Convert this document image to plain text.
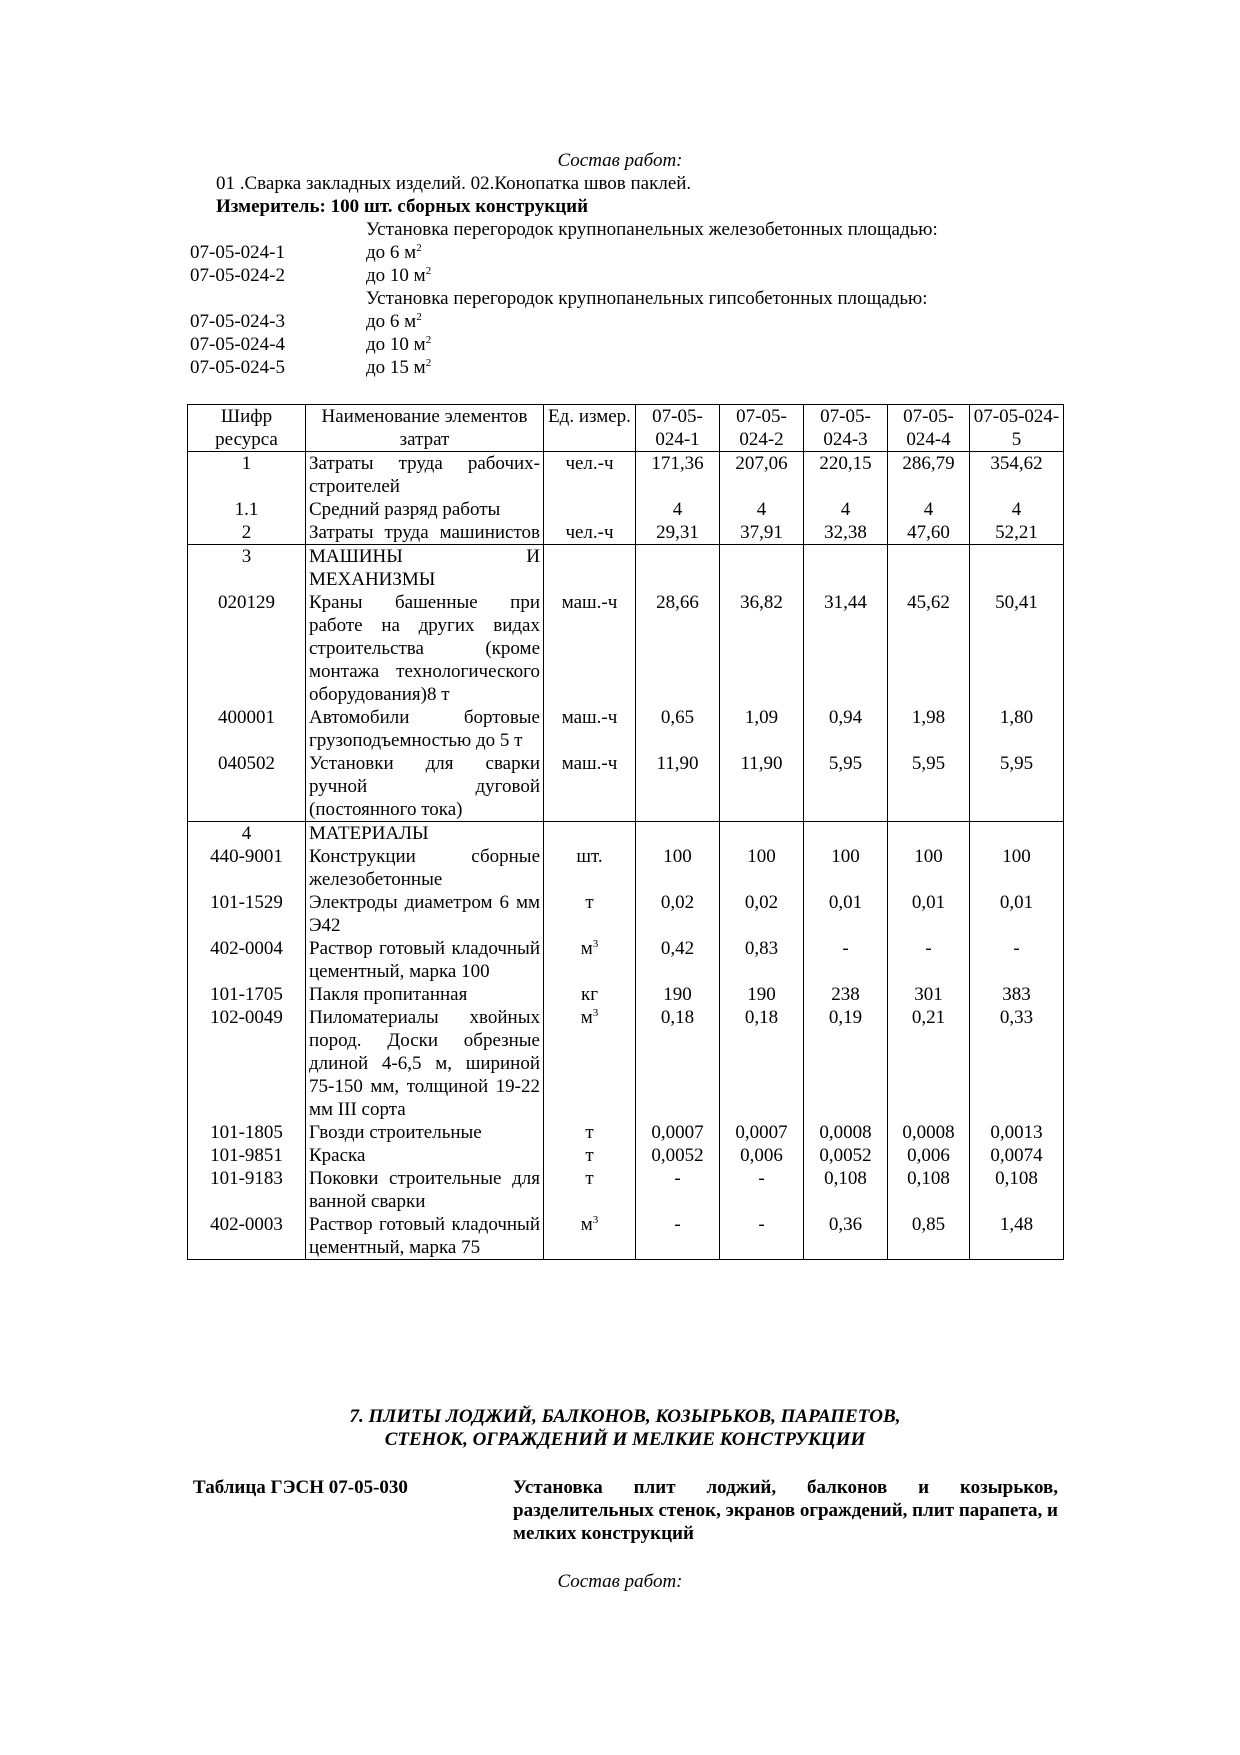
Состав работ:
01 .Сварка закладных изделий. 02.Конопатка швов паклей.
Измеритель: 100 шт. сборных конструкций
Установка перегородок крупнопанельных железобетонных площадью:
07-05-024-1	до 6 $м^2$
07-05-024-2	до 10 $м^2$
Установка перегородок крупнопанельных гипсобетонных площадью:
07-05-024-3	до 6 $м^2$
07-05-024-4	до 10 $м^2$
07-05-024-5	до 15 $м^2$
Шифр ресурса	Наименование элементов затрат	Ед. измер.	07-05-024-1	07-05-024-2	07-05-024-3	07-05-024-4	07-05-024-5
1	Затраты труда рабочих-строителей	чел.-ч	171,36	207,06	220,15	286,79	354,62
1.1	Средний разряд работы		4	4	4	4	4
2	Затраты труда машинистов	чел.-ч	29,31	37,91	32,38	47,60	52,21
3	МАШИНЫ И МЕХАНИЗМЫ						
020129	Краны башенные при работе на других видах строительства (кроме монтажа технологического оборудования)8 т	маш.-ч	28,66	36,82	31,44	45,62	50,41
400001	Автомобили бортовые грузоподъемностью до 5 т	маш.-ч	0,65	1,09	0,94	1,98	1,80
040502	Установки для сварки ручной дуговой (постоянного тока)	маш.-ч	11,90	11,90	5,95	5,95	5,95
4	МАТЕРИАЛЫ						
440-9001	Конструкции сборные железобетонные	шт.	100	100	100	100	100
101-1529	Электроды диаметром 6 мм Э42	т	0,02	0,02	0,01	0,01	0,01
402-0004	Раствор готовый кладочный цементный, марка 100	$м^3$	0,42	0,83	-	-	-
101-1705	Пакля пропитанная	кг	190	190	238	301	383
102-0049	Пиломатериалы хвойных пород. Доски обрезные длиной 4-6,5 м, шириной 75-150 мм, толщиной 19-22 мм III сорта	$м^3$	0,18	0,18	0,19	0,21	0,33
101-1805	Гвозди строительные	т	0,0007	0,0007	0,0008	0,0008	0,0013
101-9851	Краска	т	0,0052	0,006	0,0052	0,006	0,0074
101-9183	Поковки строительные для ванной сварки	т	-	-	0,108	0,108	0,108
402-0003	Раствор готовый кладочный цементный, марка 75	$м^3$	-	-	0,36	0,85	1,48
7. ПЛИТЫ ЛОДЖИЙ, БАЛКОНОВ, КОЗЫРЬКОВ, ПАРАПЕТОВ,
СТЕНОК, ОГРАЖДЕНИЙ И МЕЛКИЕ КОНСТРУКЦИИ
Таблица ГЭСН 07-05-030	Установка плит лоджий, балконов и козырьков, разделительных стенок, экранов ограждений, плит парапета, и мелких конструкций
Состав работ:
